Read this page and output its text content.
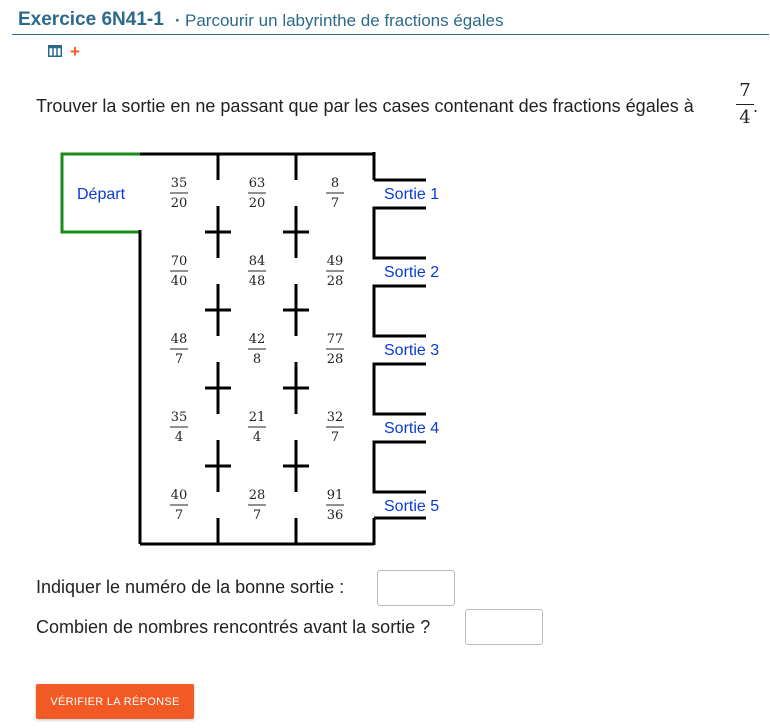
Exercice 6N41-1 · Parcourir un labyrinthe de fractions égales
+
Trouver la sortie en ne passant que par les cases contenant des fractions égales à
7
4
.
Départ
35
20
63
20
8
7
70
40
84
48
49
28
48
7
42
8
77
28
35
4
21
4
32
7
40
7
28
7
91
36
Sortie 1
Sortie 2
Sortie 3
Sortie 4
Sortie 5
Indiquer le numéro de la bonne sortie :
Combien de nombres rencontrés avant la sortie ?
VÉRIFIER LA RÉPONSE
